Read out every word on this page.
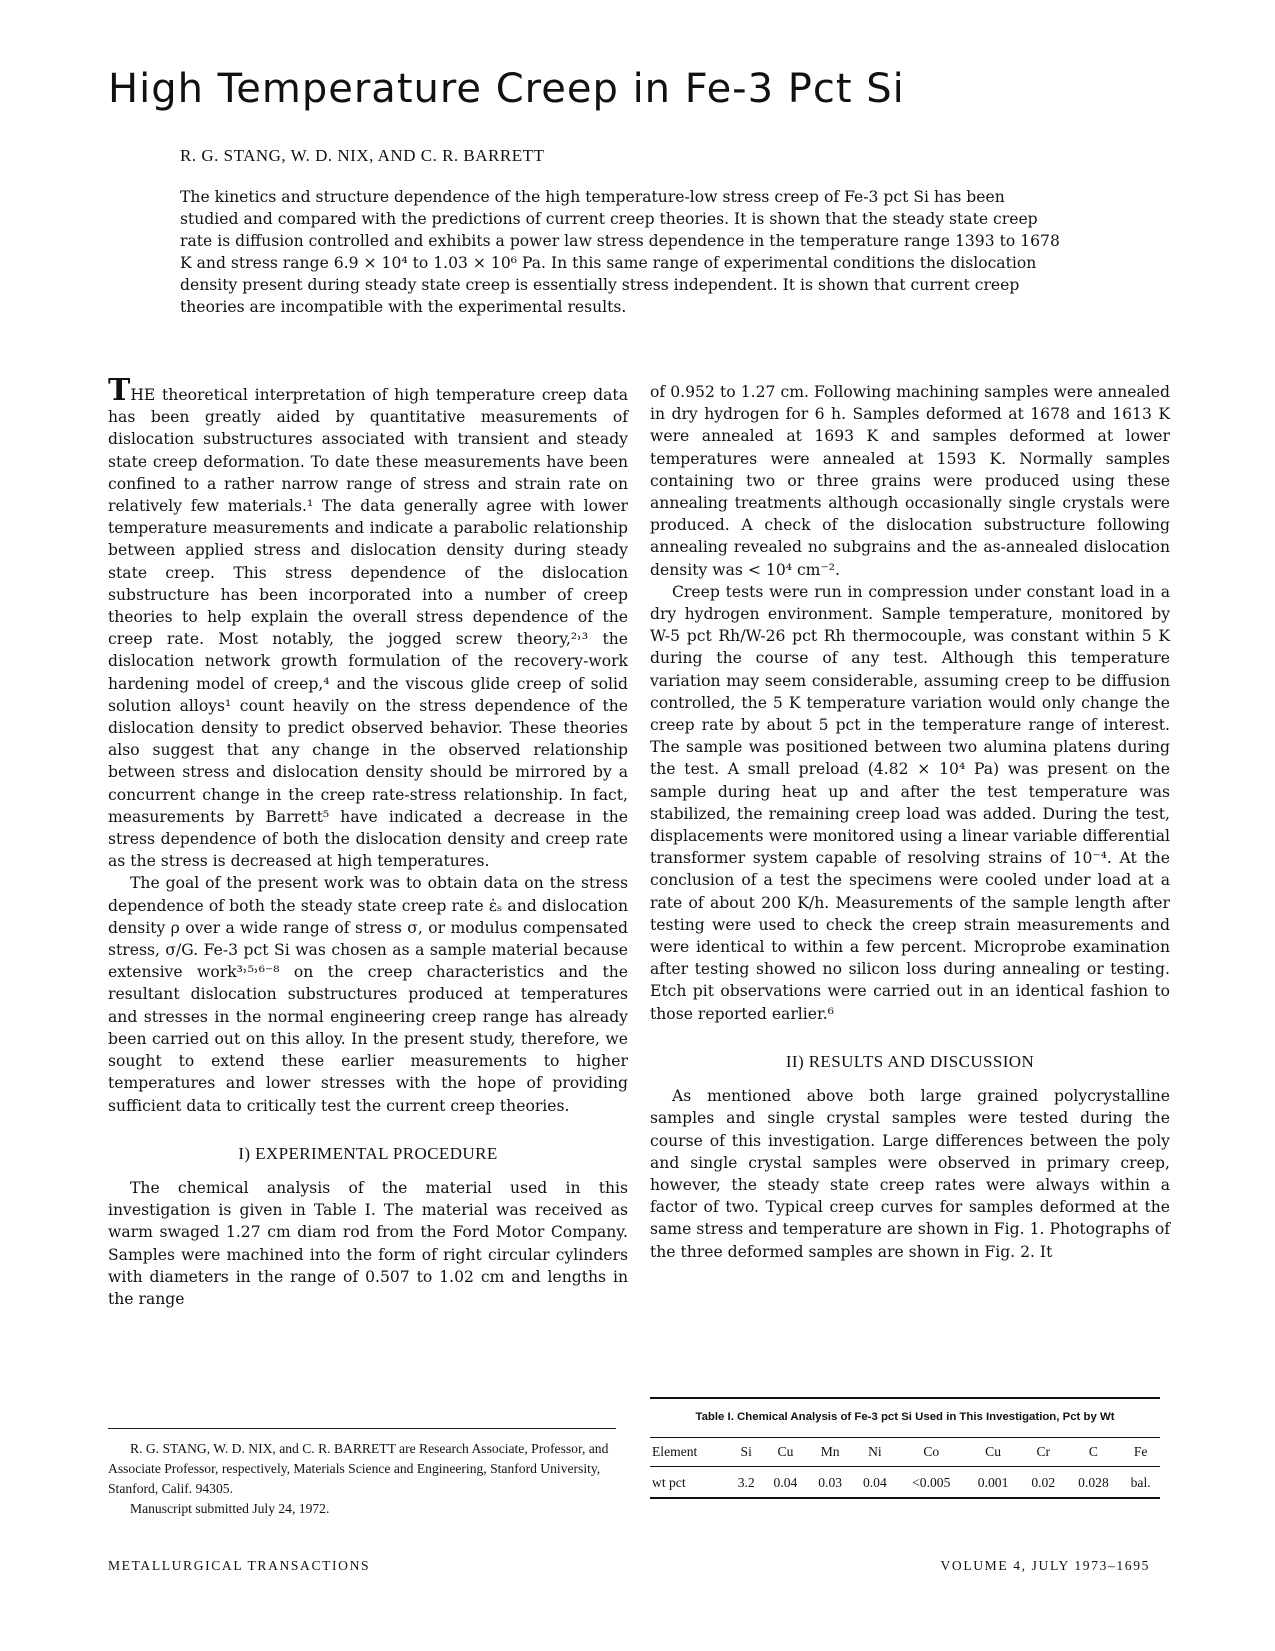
High Temperature Creep in Fe-3 Pct Si
R. G. STANG, W. D. NIX, AND C. R. BARRETT

The kinetics and structure dependence of the high temperature-low stress creep of Fe-3 pct Si has been studied and compared with the predictions of current creep theories. It is shown that the steady state creep rate is diffusion controlled and exhibits a power law stress dependence in the temperature range 1393 to 1678 K and stress range 6.9 × 10⁴ to 1.03 × 10⁶ Pa. In this same range of experimental conditions the dislocation density present during steady state creep is essentially stress independent. It is shown that current creep theories are incompatible with the experimental results.

THE theoretical interpretation of high temperature creep data has been greatly aided by quantitative measurements of dislocation substructures associated with transient and steady state creep deformation. To date these measurements have been confined to a rather narrow range of stress and strain rate on relatively few materials.¹ The data generally agree with lower temperature measurements and indicate a parabolic relationship between applied stress and dislocation density during steady state creep. This stress dependence of the dislocation substructure has been incorporated into a number of creep theories to help explain the overall stress dependence of the creep rate. Most notably, the jogged screw theory,²˒³ the dislocation network growth formulation of the recovery-work hardening model of creep,⁴ and the viscous glide creep of solid solution alloys¹ count heavily on the stress dependence of the dislocation density to predict observed behavior. These theories also suggest that any change in the observed relationship between stress and dislocation density should be mirrored by a concurrent change in the creep rate-stress relationship. In fact, measurements by Barrett⁵ have indicated a decrease in the stress dependence of both the dislocation density and creep rate as the stress is decreased at high temperatures.

The goal of the present work was to obtain data on the stress dependence of both the steady state creep rate ε̇ₛ and dislocation density ρ over a wide range of stress σ, or modulus compensated stress, σ/G. Fe-3 pct Si was chosen as a sample material because extensive work³˒⁵˒⁶⁻⁸ on the creep characteristics and the resultant dislocation substructures produced at temperatures and stresses in the normal engineering creep range has already been carried out on this alloy. In the present study, therefore, we sought to extend these earlier measurements to higher temperatures and lower stresses with the hope of providing sufficient data to critically test the current creep theories.

I) EXPERIMENTAL PROCEDURE

The chemical analysis of the material used in this investigation is given in Table I. The material was received as warm swaged 1.27 cm diam rod from the Ford Motor Company. Samples were machined into the form of right circular cylinders with diameters in the range of 0.507 to 1.02 cm and lengths in the range

of 0.952 to 1.27 cm. Following machining samples were annealed in dry hydrogen for 6 h. Samples deformed at 1678 and 1613 K were annealed at 1693 K and samples deformed at lower temperatures were annealed at 1593 K. Normally samples containing two or three grains were produced using these annealing treatments although occasionally single crystals were produced. A check of the dislocation substructure following annealing revealed no subgrains and the as-annealed dislocation density was < 10⁴ cm⁻².

Creep tests were run in compression under constant load in a dry hydrogen environment. Sample temperature, monitored by W-5 pct Rh/W-26 pct Rh thermocouple, was constant within 5 K during the course of any test. Although this temperature variation may seem considerable, assuming creep to be diffusion controlled, the 5 K temperature variation would only change the creep rate by about 5 pct in the temperature range of interest. The sample was positioned between two alumina platens during the test. A small preload (4.82 × 10⁴ Pa) was present on the sample during heat up and after the test temperature was stabilized, the remaining creep load was added. During the test, displacements were monitored using a linear variable differential transformer system capable of resolving strains of 10⁻⁴. At the conclusion of a test the specimens were cooled under load at a rate of about 200 K/h. Measurements of the sample length after testing were used to check the creep strain measurements and were identical to within a few percent. Microprobe examination after testing showed no silicon loss during annealing or testing. Etch pit observations were carried out in an identical fashion to those reported earlier.⁶

II) RESULTS AND DISCUSSION

As mentioned above both large grained polycrystalline samples and single crystal samples were tested during the course of this investigation. Large differences between the poly and single crystal samples were observed in primary creep, however, the steady state creep rates were always within a factor of two. Typical creep curves for samples deformed at the same stress and temperature are shown in Fig. 1. Photographs of the three deformed samples are shown in Fig. 2. It

R. G. STANG, W. D. NIX, and C. R. BARRETT are Research Associate, Professor, and Associate Professor, respectively, Materials Science and Engineering, Stanford University, Stanford, Calif. 94305.

Manuscript submitted July 24, 1972.

Table I. Chemical Analysis of Fe-3 pct Si Used in This Investigation, Pct by Wt
Element	Si	Cu	Mn	Ni	Co	Cu	Cr	C	Fe
wt pct	3.2	0.04	0.03	0.04	<0.005	0.001	0.02	0.028	bal.
METALLURGICAL TRANSACTIONS	VOLUME 4, JULY 1973–1695
